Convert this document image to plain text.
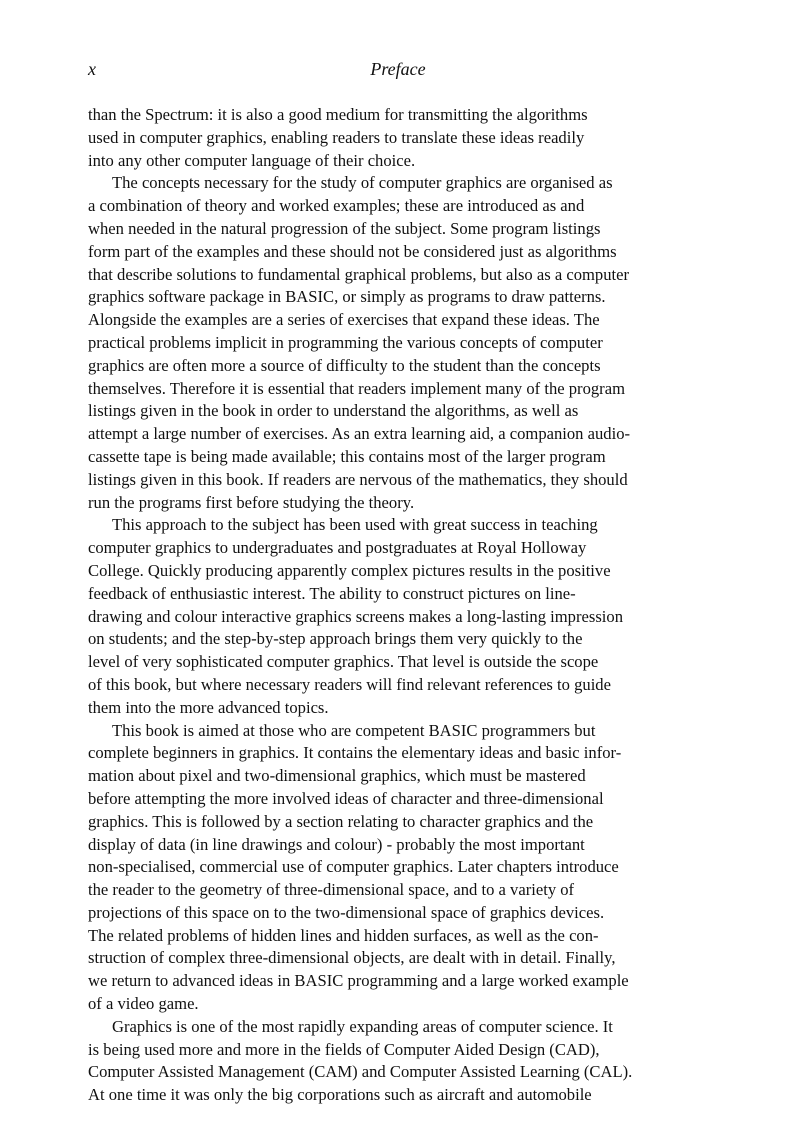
x	Preface
than the Spectrum: it is also a good medium for transmitting the algorithms
used in computer graphics, enabling readers to translate these ideas readily
into any other computer language of their choice.
The concepts necessary for the study of computer graphics are organised as
a combination of theory and worked examples; these are introduced as and
when needed in the natural progression of the subject. Some program listings
form part of the examples and these should not be considered just as algorithms
that describe solutions to fundamental graphical problems, but also as a computer
graphics software package in BASIC, or simply as programs to draw patterns.
Alongside the examples are a series of exercises that expand these ideas. The
practical problems implicit in programming the various concepts of computer
graphics are often more a source of difficulty to the student than the concepts
themselves. Therefore it is essential that readers implement many of the program
listings given in the book in order to understand the algorithms, as well as
attempt a large number of exercises. As an extra learning aid, a companion audio-
cassette tape is being made available; this contains most of the larger program
listings given in this book. If readers are nervous of the mathematics, they should
run the programs first before studying the theory.
This approach to the subject has been used with great success in teaching
computer graphics to undergraduates and postgraduates at Royal Holloway
College. Quickly producing apparently complex pictures results in the positive
feedback of enthusiastic interest. The ability to construct pictures on line-
drawing and colour interactive graphics screens makes a long-lasting impression
on students; and the step-by-step approach brings them very quickly to the
level of very sophisticated computer graphics. That level is outside the scope
of this book, but where necessary readers will find relevant references to guide
them into the more advanced topics.
This book is aimed at those who are competent BASIC programmers but
complete beginners in graphics. It contains the elementary ideas and basic infor-
mation about pixel and two-dimensional graphics, which must be mastered
before attempting the more involved ideas of character and three-dimensional
graphics. This is followed by a section relating to character graphics and the
display of data (in line drawings and colour) - probably the most important
non-specialised, commercial use of computer graphics. Later chapters introduce
the reader to the geometry of three-dimensional space, and to a variety of
projections of this space on to the two-dimensional space of graphics devices.
The related problems of hidden lines and hidden surfaces, as well as the con-
struction of complex three-dimensional objects, are dealt with in detail. Finally,
we return to advanced ideas in BASIC programming and a large worked example
of a video game.
Graphics is one of the most rapidly expanding areas of computer science. It
is being used more and more in the fields of Computer Aided Design (CAD),
Computer Assisted Management (CAM) and Computer Assisted Learning (CAL).
At one time it was only the big corporations such as aircraft and automobile
